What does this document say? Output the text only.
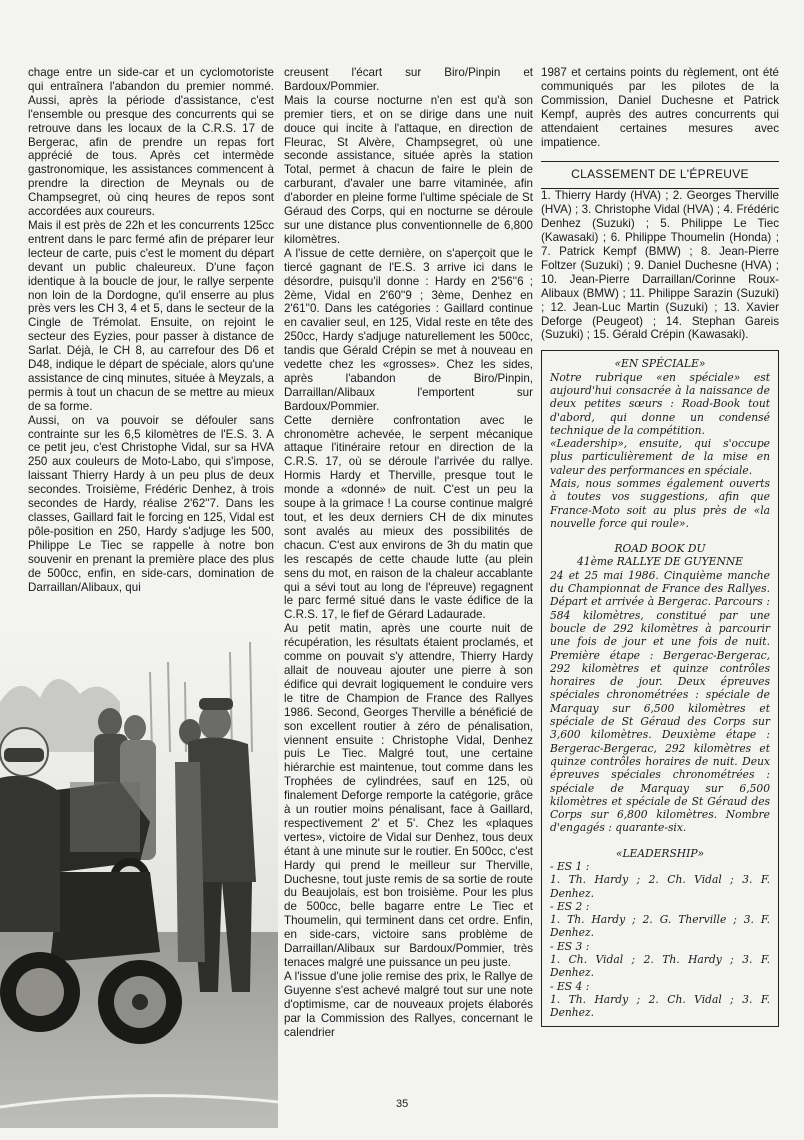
chage entre un side-car et un cyclomotoriste qui entraînera l'abandon du premier nommé. Aussi, après la période d'assistance, c'est l'ensemble ou presque des concurrents qui se retrouve dans les locaux de la C.R.S. 17 de Bergerac, afin de prendre un repas fort apprécié de tous. Après cet intermède gastronomique, les assistances commencent à prendre la direction de Meynals ou de Champsegret, où cinq heures de repos sont accordées aux coureurs.

Mais il est près de 22h et les concurrents 125cc entrent dans le parc fermé afin de préparer leur lecteur de carte, puis c'est le moment du départ devant un public chaleureux. D'une façon identique à la boucle de jour, le rallye serpente non loin de la Dordogne, qu'il enserre au plus près vers les CH 3, 4 et 5, dans le secteur de la Cingle de Trémolat. Ensuite, on rejoint le secteur des Eyzies, pour passer à distance de Sarlat. Déjà, le CH 8, au carrefour des D6 et D48, indique le départ de spéciale, alors qu'une assistance de cinq minutes, située à Meyzals, a permis à tout un chacun de se mettre au mieux de sa forme.

Aussi, on va pouvoir se défouler sans contrainte sur les 6,5 kilomètres de l'E.S. 3. A ce petit jeu, c'est Christophe Vidal, sur sa HVA 250 aux couleurs de Moto-Labo, qui s'impose, laissant Thierry Hardy à un peu plus de deux secondes. Troisième, Frédéric Denhez, à trois secondes de Hardy, réalise 2'62''7. Dans les classes, Gaillard fait le forcing en 125, Vidal est pôle-position en 250, Hardy s'adjuge les 500, Philippe Le Tiec se rappelle à notre bon souvenir en prenant la première place des plus de 500cc, enfin, en side-cars, domination de Darraillan/Alibaux, qui

creusent l'écart sur Biro/Pinpin et Bardoux/Pommier.

Mais la course nocturne n'en est qu'à son premier tiers, et on se dirige dans une nuit douce qui incite à l'attaque, en direction de Fleurac, St Alvère, Champsegret, où une seconde assistance, située après la station Total, permet à chacun de faire le plein de carburant, d'avaler une barre vitaminée, afin d'aborder en pleine forme l'ultime spéciale de St Géraud des Corps, qui en nocturne se déroule sur une distance plus conventionnelle de 6,800 kilomètres.

A l'issue de cette dernière, on s'aperçoit que le tiercé gagnant de l'E.S. 3 arrive ici dans le désordre, puisqu'il donne : Hardy en 2'56''6 ; 2ème, Vidal en 2'60''9 ; 3ème, Denhez en 2'61''0. Dans les catégories : Gaillard continue en cavalier seul, en 125, Vidal reste en tête des 250cc, Hardy s'adjuge naturellement les 500cc, tandis que Gérald Crépin se met à nouveau en vedette chez les «grosses». Chez les sides, après l'abandon de Biro/Pinpin, Darraillan/Alibaux l'emportent sur Bardoux/Pommier.

Cette dernière confrontation avec le chronomètre achevée, le serpent mécanique attaque l'itinéraire retour en direction de la C.R.S. 17, où se déroule l'arrivée du rallye. Hormis Hardy et Therville, presque tout le monde a «donné» de nuit. C'est un peu la soupe à la grimace ! La course continue malgré tout, et les deux derniers CH de dix minutes sont avalés au mieux des possibilités de chacun. C'est aux environs de 3h du matin que les rescapés de cette chaude lutte (au plein sens du mot, en raison de la chaleur accablante qui a sévi tout au long de l'épreuve) regagnent le parc fermé situé dans le vaste édifice de la C.R.S. 17, le fief de Gérard Ladaurade.

Au petit matin, après une courte nuit de récupération, les résultats étaient proclamés, et comme on pouvait s'y attendre, Thierry Hardy allait de nouveau ajouter une pierre à son édifice qui devrait logiquement le conduire vers le titre de Champion de France des Rallyes 1986. Second, Georges Therville a bénéficié de son excellent routier à zéro de pénalisation, viennent ensuite : Christophe Vidal, Denhez puis Le Tiec. Malgré tout, une certaine hiérarchie est maintenue, tout comme dans les Trophées de cylindrées, sauf en 125, où finalement Deforge remporte la catégorie, grâce à un routier moins pénalisant, face à Gaillard, respectivement 2' et 5'. Chez les «plaques vertes», victoire de Vidal sur Denhez, tous deux étant à une minute sur le routier. En 500cc, c'est Hardy qui prend le meilleur sur Therville, Duchesne, tout juste remis de sa sortie de route du Beaujolais, est bon troisième. Pour les plus de 500cc, belle bagarre entre Le Tiec et Thoumelin, qui terminent dans cet ordre. Enfin, en side-cars, victoire sans problème de Darraillan/Alibaux sur Bardoux/Pommier, très tenaces malgré une puissance un peu juste.

A l'issue d'une jolie remise des prix, le Rallye de Guyenne s'est achevé malgré tout sur une note d'optimisme, car de nouveaux projets élaborés par la Commission des Rallyes, concernant le calendrier

1987 et certains points du règlement, ont été communiqués par les pilotes de la Commission, Daniel Duchesne et Patrick Kempf, auprès des autres concurrents qui attendaient certaines mesures avec impatience.

CLASSEMENT DE L'ÉPREUVE

1. Thierry Hardy (HVA) ; 2. Georges Therville (HVA) ; 3. Christophe Vidal (HVA) ; 4. Frédéric Denhez (Suzuki) ; 5. Philippe Le Tiec (Kawasaki) ; 6. Philippe Thoumelin (Honda) ; 7. Patrick Kempf (BMW) ; 8. Jean-Pierre Foltzer (Suzuki) ; 9. Daniel Duchesne (HVA) ; 10. Jean-Pierre Darraillan/Corinne Roux-Alibaux (BMW) ; 11. Philippe Sarazin (Suzuki) ; 12. Jean-Luc Martin (Suzuki) ; 13. Xavier Deforge (Peugeot) ; 14. Stephan Gareis (Suzuki) ; 15. Gérald Crépin (Kawasaki).

«EN SPÉCIALE»

Notre rubrique «en spéciale» est aujourd'hui consacrée à la naissance de deux petites sœurs : Road-Book tout d'abord, qui donne un condensé technique de la compétition.

«Leadership», ensuite, qui s'occupe plus particulièrement de la mise en valeur des performances en spéciale.

Mais, nous sommes également ouverts à toutes vos suggestions, afin que France-Moto soit au plus près de «la nouvelle force qui roule».

ROAD BOOK DU

41ème RALLYE DE GUYENNE

24 et 25 mai 1986. Cinquième manche du Championnat de France des Rallyes. Départ et arrivée à Bergerac. Parcours : 584 kilomètres, constitué par une boucle de 292 kilomètres à parcourir une fois de jour et une fois de nuit. Première étape : Bergerac-Bergerac, 292 kilomètres et quinze contrôles horaires de jour. Deux épreuves spéciales chronométrées : spéciale de Marquay sur 6,500 kilomètres et spéciale de St Géraud des Corps sur 3,600 kilomètres. Deuxième étape : Bergerac-Bergerac, 292 kilomètres et quinze contrôles horaires de nuit. Deux épreuves spéciales chronométrées : spéciale de Marquay sur 6,500 kilomètres et spéciale de St Géraud des Corps sur 6,800 kilomètres. Nombre d'engagés : quarante-six.

«LEADERSHIP»

- ES 1 :

1. Th. Hardy ; 2. Ch. Vidal ; 3. F. Denhez.

- ES 2 :

1. Th. Hardy ; 2. G. Therville ; 3. F. Denhez.

- ES 3 :

1. Ch. Vidal ; 2. Th. Hardy ; 3. F. Denhez.

- ES 4 :

1. Th. Hardy ; 2. Ch. Vidal ; 3. F. Denhez.

35
